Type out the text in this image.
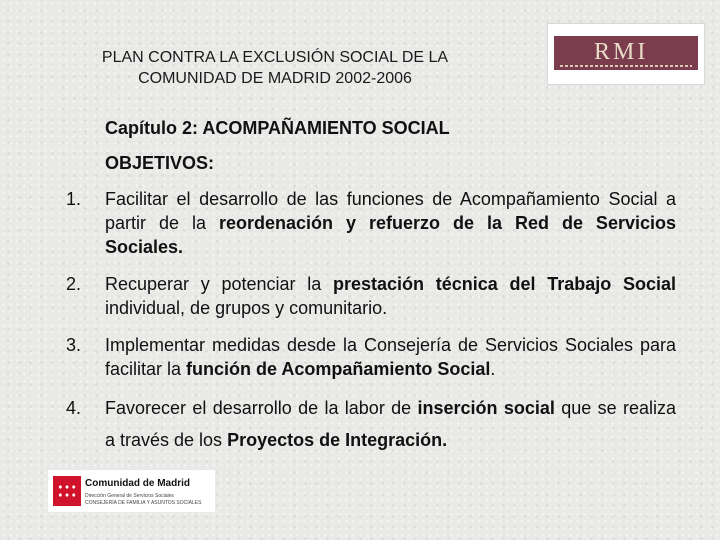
PLAN CONTRA LA EXCLUSIÓN SOCIAL DE LA
COMUNIDAD DE MADRID 2002-2006
RMI
Capítulo 2: ACOMPAÑAMIENTO SOCIAL
OBJETIVOS:
1. Facilitar el desarrollo de las funciones de Acompañamiento Social a partir de la reordenación y refuerzo de la Red de Servicios Sociales.
2. Recuperar y potenciar la prestación técnica del Trabajo Social individual, de grupos y comunitario.
3. Implementar medidas desde la Consejería de Servicios Sociales para facilitar la función de Acompañamiento Social.
4. Favorecer el desarrollo de la labor de inserción social que se realiza a través de los Proyectos de Integración.
Comunidad de Madrid
Dirección General de Servicios Sociales
CONSEJERÍA DE FAMILIA Y ASUNTOS SOCIALES
